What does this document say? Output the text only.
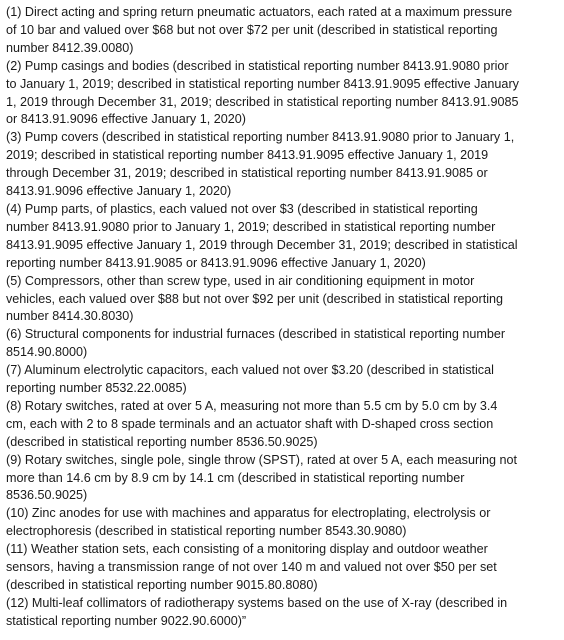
(1) Direct acting and spring return pneumatic actuators, each rated at a maximum pressure
of 10 bar and valued over $68 but not over $72 per unit (described in statistical reporting
number 8412.39.0080)

(2) Pump casings and bodies (described in statistical reporting number 8413.91.9080 prior
to January 1, 2019; described in statistical reporting number 8413.91.9095 effective January
1, 2019 through December 31, 2019; described in statistical reporting number 8413.91.9085
or 8413.91.9096 effective January 1, 2020)

(3) Pump covers (described in statistical reporting number 8413.91.9080 prior to January 1,
2019; described in statistical reporting number 8413.91.9095 effective January 1, 2019
through December 31, 2019; described in statistical reporting number 8413.91.9085 or
8413.91.9096 effective January 1, 2020)

(4) Pump parts, of plastics, each valued not over $3 (described in statistical reporting
number 8413.91.9080 prior to January 1, 2019; described in statistical reporting number
8413.91.9095 effective January 1, 2019 through December 31, 2019; described in statistical
reporting number 8413.91.9085 or 8413.91.9096 effective January 1, 2020)

(5) Compressors, other than screw type, used in air conditioning equipment in motor
vehicles, each valued over $88 but not over $92 per unit (described in statistical reporting
number 8414.30.8030)

(6) Structural components for industrial furnaces (described in statistical reporting number
8514.90.8000)

(7) Aluminum electrolytic capacitors, each valued not over $3.20 (described in statistical
reporting number 8532.22.0085)

(8) Rotary switches, rated at over 5 A, measuring not more than 5.5 cm by 5.0 cm by 3.4
cm, each with 2 to 8 spade terminals and an actuator shaft with D-shaped cross section
(described in statistical reporting number 8536.50.9025)

(9) Rotary switches, single pole, single throw (SPST), rated at over 5 A, each measuring not
more than 14.6 cm by 8.9 cm by 14.1 cm (described in statistical reporting number
8536.50.9025)

(10) Zinc anodes for use with machines and apparatus for electroplating, electrolysis or
electrophoresis (described in statistical reporting number 8543.30.9080)

(11) Weather station sets, each consisting of a monitoring display and outdoor weather
sensors, having a transmission range of not over 140 m and valued not over $50 per set
(described in statistical reporting number 9015.80.8080)

(12) Multi-leaf collimators of radiotherapy systems based on the use of X-ray (described in
statistical reporting number 9022.90.6000)”
